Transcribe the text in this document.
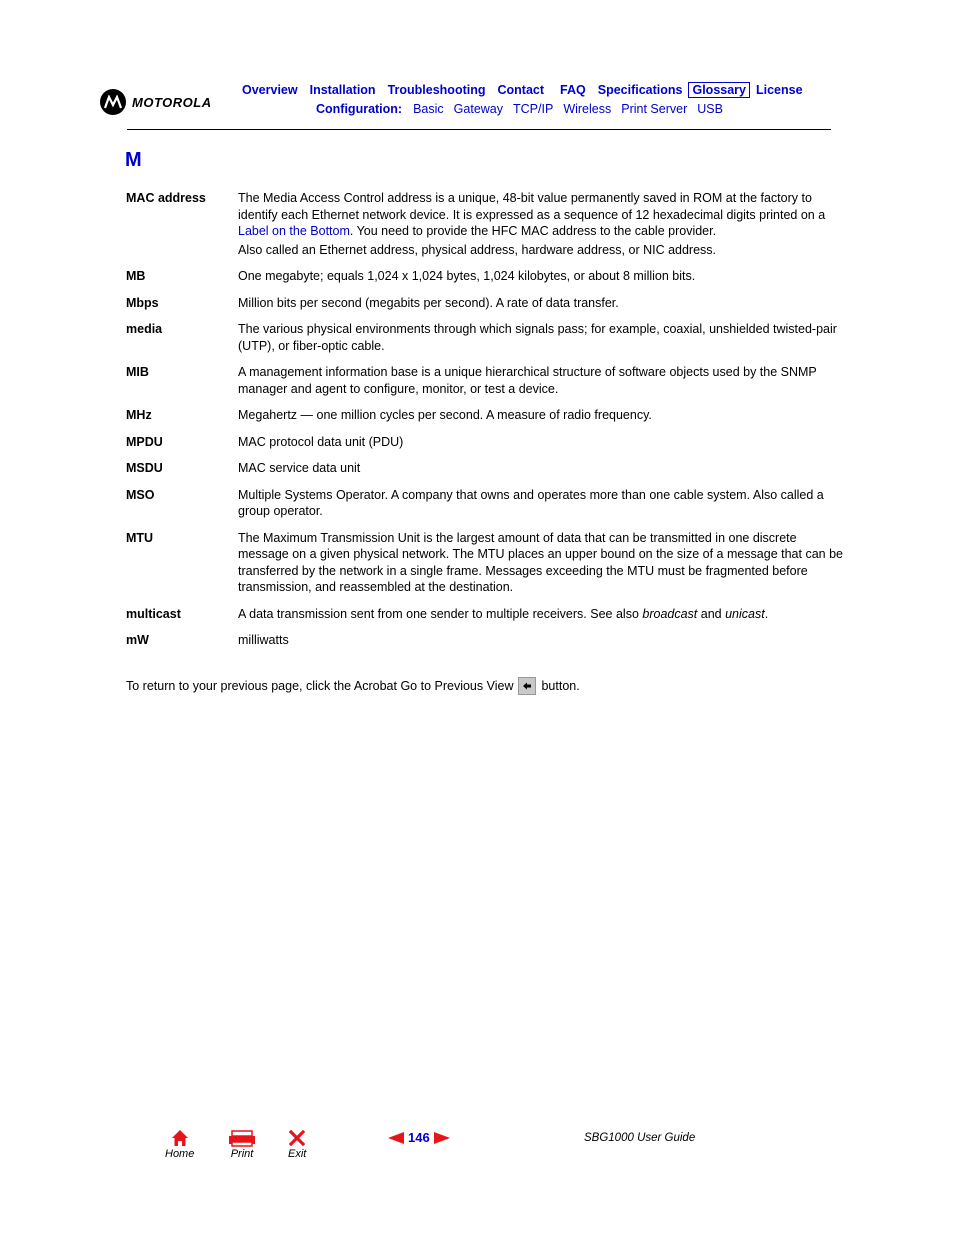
MOTOROLA
Overview Installation Troubleshooting Contact FAQ Specifications Glossary License
Configuration: Basic Gateway TCP/IP Wireless Print Server USB
M
MAC address	The Media Access Control address is a unique, 48-bit value permanently saved in ROM at the factory to identify each Ethernet network device. It is expressed as a sequence of 12 hexadecimal digits printed on a Label on the Bottom. You need to provide the HFC MAC address to the cable provider.

Also called an Ethernet address, physical address, hardware address, or NIC address.

MB	One megabyte; equals 1,024 x 1,024 bytes, 1,024 kilobytes, or about 8 million bits.
Mbps	Million bits per second (megabits per second). A rate of data transfer.
media	The various physical environments through which signals pass; for example, coaxial, unshielded twisted-pair (UTP), or fiber-optic cable.
MIB	A management information base is a unique hierarchical structure of software objects used by the SNMP manager and agent to configure, monitor, or test a device.
MHz	Megahertz — one million cycles per second. A measure of radio frequency.
MPDU	MAC protocol data unit (PDU)
MSDU	MAC service data unit
MSO	Multiple Systems Operator. A company that owns and operates more than one cable system. Also called a group operator.
MTU	The Maximum Transmission Unit is the largest amount of data that can be transmitted in one discrete message on a given physical network. The MTU places an upper bound on the size of a message that can be transferred by the network in a single frame. Messages exceeding the MTU must be fragmented before transmission, and reassembled at the destination.
multicast	A data transmission sent from one sender to multiple receivers. See also broadcast and unicast.
mW	milliwatts
To return to your previous page, click the Acrobat Go to Previous View button.
Home	Print	Exit
146	SBG1000 User Guide
